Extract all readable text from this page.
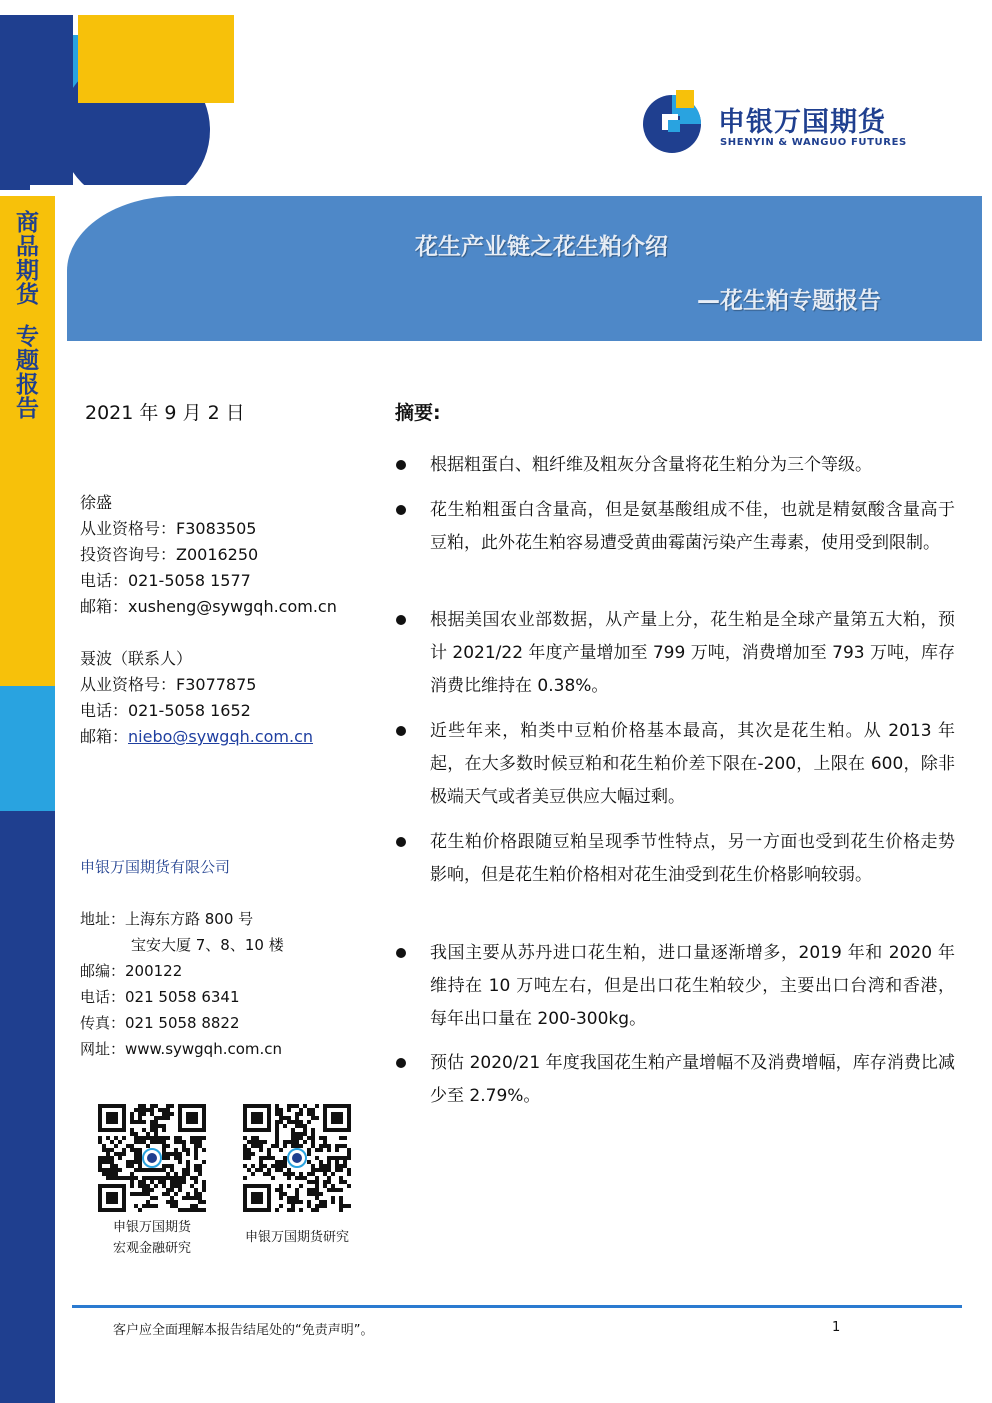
商品期货专题报告
申银万国期货
SHENYIN & WANGUO FUTURES
花生产业链之花生粕介绍
—花生粕专题报告
2021 年 9 月 2 日
徐盛
从业资格号：F3083505
投资咨询号：Z0016250
电话：021-5058 1577
邮箱：xusheng@sywgqh.com.cn
聂波（联系人）
从业资格号：F3077875
电话：021-5058 1652
邮箱：niebo@sywgqh.com.cn
申银万国期货有限公司
地址：上海东方路 800 号
宝安大厦 7、8、10 楼
邮编：200122
电话：021 5058 6341
传真：021 5058 8822
网址：www.sywgqh.com.cn
申银万国期货
宏观金融研究
申银万国期货研究
摘要:
根据粗蛋白、粗纤维及粗灰分含量将花生粕分为三个等级。
花生粕粗蛋白含量高，但是氨基酸组成不佳，也就是精氨酸含量高于豆粕，此外花生粕容易遭受黄曲霉菌污染产生毒素，使用受到限制。
根据美国农业部数据，从产量上分，花生粕是全球产量第五大粕，预计 2021/22 年度产量增加至 799 万吨，消费增加至 793 万吨，库存消费比维持在 0.38%。
近些年来，粕类中豆粕价格基本最高，其次是花生粕。从 2013 年起，在大多数时候豆粕和花生粕价差下限在-200，上限在 600，除非极端天气或者美豆供应大幅过剩。
花生粕价格跟随豆粕呈现季节性特点，另一方面也受到花生价格走势影响，但是花生粕价格相对花生油受到花生价格影响较弱。
我国主要从苏丹进口花生粕，进口量逐渐增多，2019 年和 2020 年维持在 10 万吨左右，但是出口花生粕较少，主要出口台湾和香港，每年出口量在 200-300kg。
预估 2020/21 年度我国花生粕产量增幅不及消费增幅，库存消费比减少至 2.79%。
客户应全面理解本报告结尾处的“免责声明”。	1
